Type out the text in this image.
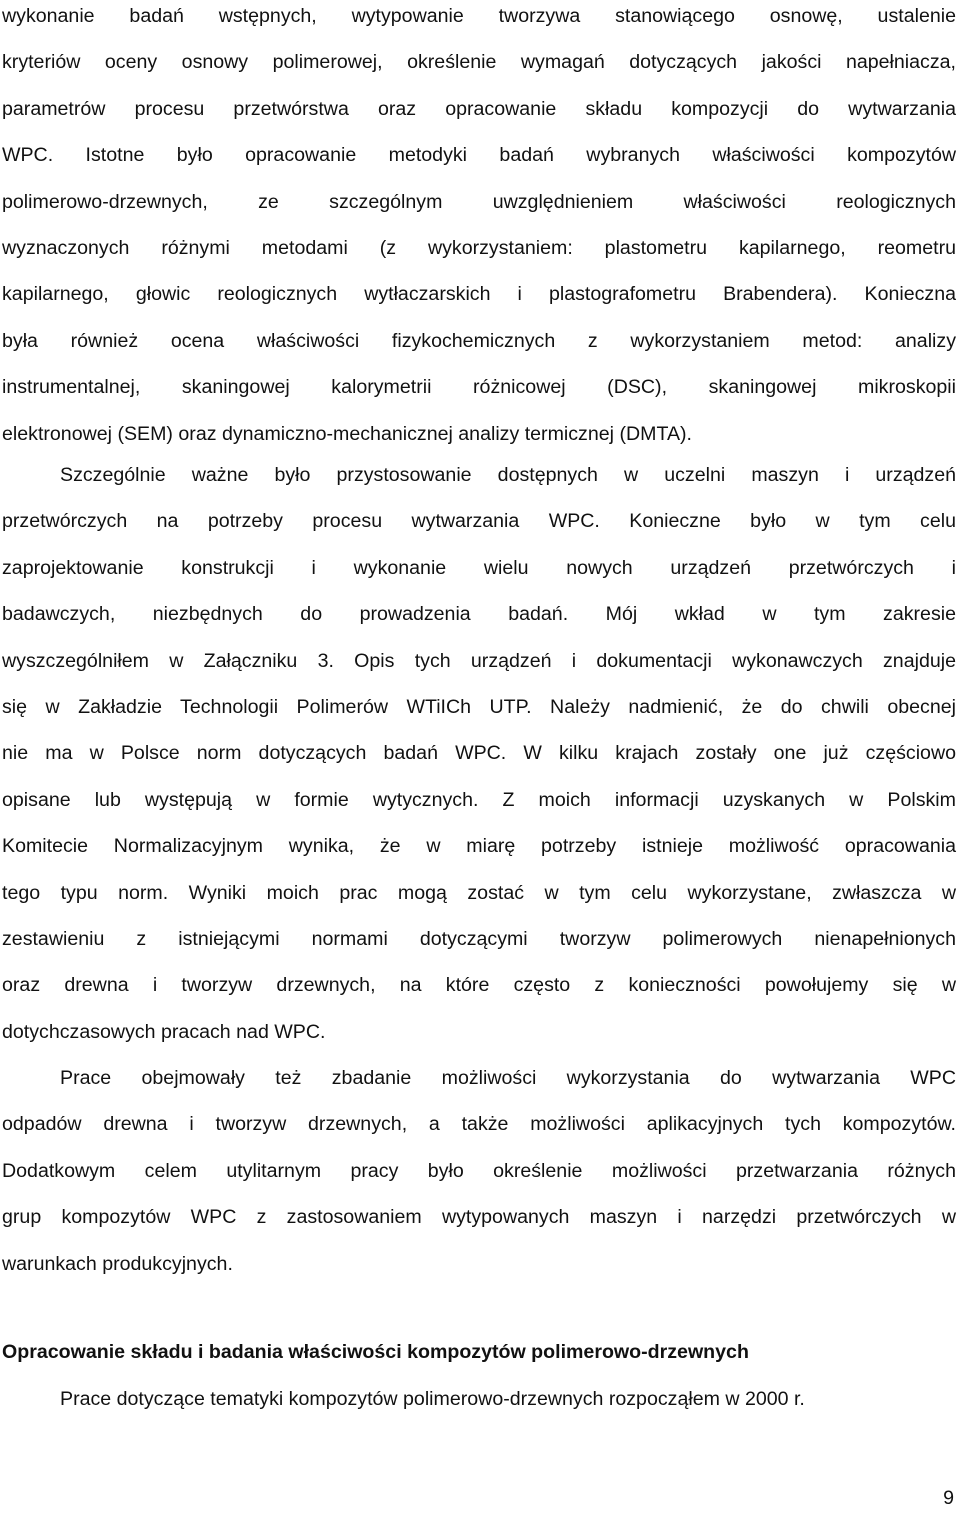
wykonanie badań wstępnych, wytypowanie tworzywa stanowiącego osnowę, ustalenie
kryteriów oceny osnowy polimerowej, określenie wymagań dotyczących jakości napełniacza,
parametrów procesu przetwórstwa oraz opracowanie składu kompozycji do wytwarzania
WPC. Istotne było opracowanie metodyki badań wybranych właściwości kompozytów
polimerowo-drzewnych, ze szczególnym uwzględnieniem właściwości reologicznych
wyznaczonych różnymi metodami (z wykorzystaniem: plastometru kapilarnego, reometru
kapilarnego, głowic reologicznych wytłaczarskich i plastografometru Brabendera). Konieczna
była również ocena właściwości fizykochemicznych z wykorzystaniem metod: analizy
instrumentalnej, skaningowej kalorymetrii różnicowej (DSC), skaningowej mikroskopii
elektronowej (SEM) oraz dynamiczno-mechanicznej analizy termicznej (DMTA).
Szczególnie ważne było przystosowanie dostępnych w uczelni maszyn i urządzeń
przetwórczych na potrzeby procesu wytwarzania WPC. Konieczne było w tym celu
zaprojektowanie konstrukcji i wykonanie wielu nowych urządzeń przetwórczych i
badawczych, niezbędnych do prowadzenia badań. Mój wkład w tym zakresie
wyszczególniłem w Załączniku 3. Opis tych urządzeń i dokumentacji wykonawczych znajduje
się w Zakładzie Technologii Polimerów WTiICh UTP. Należy nadmienić, że do chwili obecnej
nie ma w Polsce norm dotyczących badań WPC. W kilku krajach zostały one już częściowo
opisane lub występują w formie wytycznych. Z moich informacji uzyskanych w Polskim
Komitecie Normalizacyjnym wynika, że w miarę potrzeby istnieje możliwość opracowania
tego typu norm. Wyniki moich prac mogą zostać w tym celu wykorzystane, zwłaszcza w
zestawieniu z istniejącymi normami dotyczącymi tworzyw polimerowych nienapełnionych
oraz drewna i tworzyw drzewnych, na które często z konieczności powołujemy się w
dotychczasowych pracach nad WPC.
Prace obejmowały też zbadanie możliwości wykorzystania do wytwarzania WPC
odpadów drewna i tworzyw drzewnych, a także możliwości aplikacyjnych tych kompozytów.
Dodatkowym celem utylitarnym pracy było określenie możliwości przetwarzania różnych
grup kompozytów WPC z zastosowaniem wytypowanych maszyn i narzędzi przetwórczych w
warunkach produkcyjnych.
Opracowanie składu i badania właściwości kompozytów polimerowo-drzewnych
Prace dotyczące tematyki kompozytów polimerowo-drzewnych rozpocząłem w 2000 r.
9
